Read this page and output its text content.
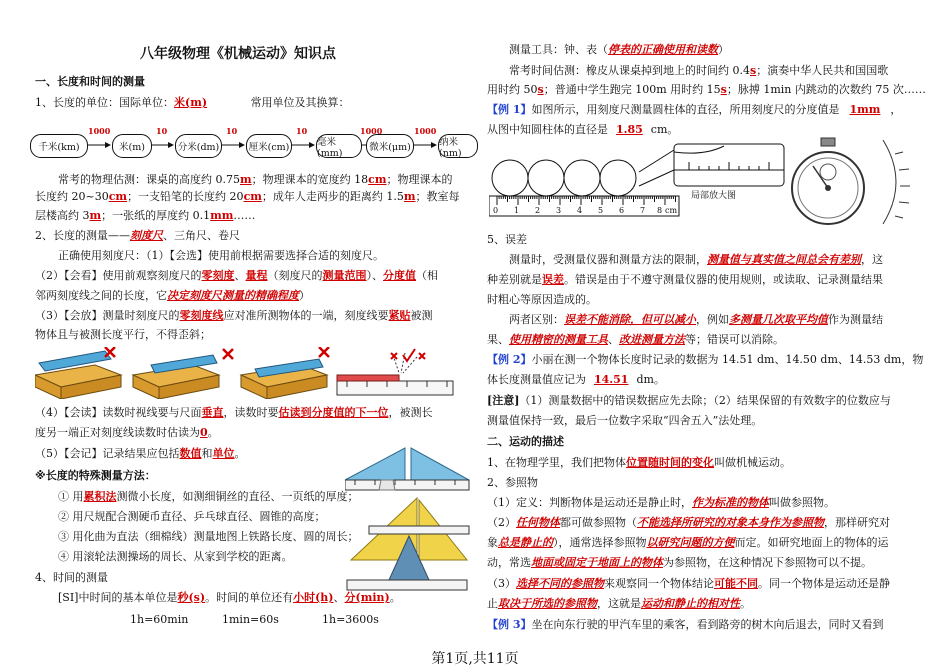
八年级物理《机械运动》知识点
一、长度和时间的测量
1、长度的单位：国际单位：米(m)	常用单位及其换算：
千米(km)	米(m)	分米(dm)	厘米(cm)	毫米(mm)	微米(μm)	纳米(nm)
1000	10	10	10	1000	1000
常考的物理估测：课桌的高度约 0.75m；物理课本的宽度约 18cm；物理课本的
长度约 20~30cm；一支铅笔的长度约 20cm；成年人走两步的距离约 1.5m；教室每
层楼高约 3m；一张纸的厚度约 0.1mm……
2、长度的测量——刻度尺、三角尺、卷尺
正确使用刻度尺：（1）【会选】使用前根据需要选择合适的刻度尺。
（2）【会看】使用前观察刻度尺的零刻度、量程（刻度尺的测量范围）、分度值（相
邻两刻度线之间的长度，它决定刻度尺测量的精确程度）
（3）【会放】测量时刻度尺的零刻度线应对准所测物体的一端，刻度线要紧贴被测
物体且与被测长度平行，不得歪斜；
（4）【会读】读数时视线要与尺面垂直，读数时要估读到分度值的下一位，被测长
度另一端正对刻度线读数时估读为0。
（5）【会记】记录结果应包括数值和单位。
※长度的特殊测量方法：
① 用累积法测微小长度，如测细铜丝的直径、一页纸的厚度；
② 用尺规配合测硬币直径、乒乓球直径、圆锥的高度；
③ 用化曲为直法（细棉线）测量地图上铁路长度、圆的周长；
④ 用滚轮法测操场的周长、从家到学校的距离。
4、时间的测量
[SI]中时间的基本单位是秒(s)。时间的单位还有小时(h)、分(min)。
1h=60min	1min=60s	1h=3600s
测量工具：钟、表（停表的正确使用和读数）
常考时间估测：橡皮从课桌掉到地上的时间约 0.4s；演奏中华人民共和国国歌
用时约 50s；普通中学生跑完 100m 用时约 15s；脉搏 1min 内跳动的次数约 75 次……
【例 1】如图所示，用刻度尺测量圆柱体的直径，所用刻度尺的分度值是 1mm ，
从图中知圆柱体的直径是 1.85 cm。
局部放大图
0 1 2 3 4 5 6 7 8 cm
5、误差
测量时，受测量仪器和测量方法的限制，测量值与真实值之间总会有差别，这
种差别就是误差。错误是由于不遵守测量仪器的使用规则，或读取、记录测量结果
时粗心等原因造成的。
两者区别：误差不能消除，但可以减小，例如多测量几次取平均值作为测量结
果、使用精密的测量工具、改进测量方法等；错误可以消除。
【例 2】小丽在测一个物体长度时记录的数据为 14.51 dm、14.50 dm、14.53 dm，物
体长度测量值应记为 14.51 dm。
[注意]（1）测量数据中的错误数据应先去除；（2）结果保留的有效数字的位数应与
测量值保持一致，最后一位数字采取“四舍五入”法处理。
二、运动的描述
1、在物理学里，我们把物体位置随时间的变化叫做机械运动。
2、参照物
（1）定义：判断物体是运动还是静止时，作为标准的物体叫做参照物。
（2）任何物体都可做参照物（不能选择所研究的对象本身作为参照物，那样研究对
象总是静止的），通常选择参照物以研究问题的方便而定。如研究地面上的物体的运
动，常选地面或固定于地面上的物体为参照物，在这种情况下参照物可以不提。
（3）选择不同的参照物来观察同一个物体结论可能不同。同一个物体是运动还是静
止取决于所选的参照物，这就是运动和静止的相对性。
【例 3】坐在向东行驶的甲汽车里的乘客，看到路旁的树木向后退去，同时又看到
第1页,共11页
